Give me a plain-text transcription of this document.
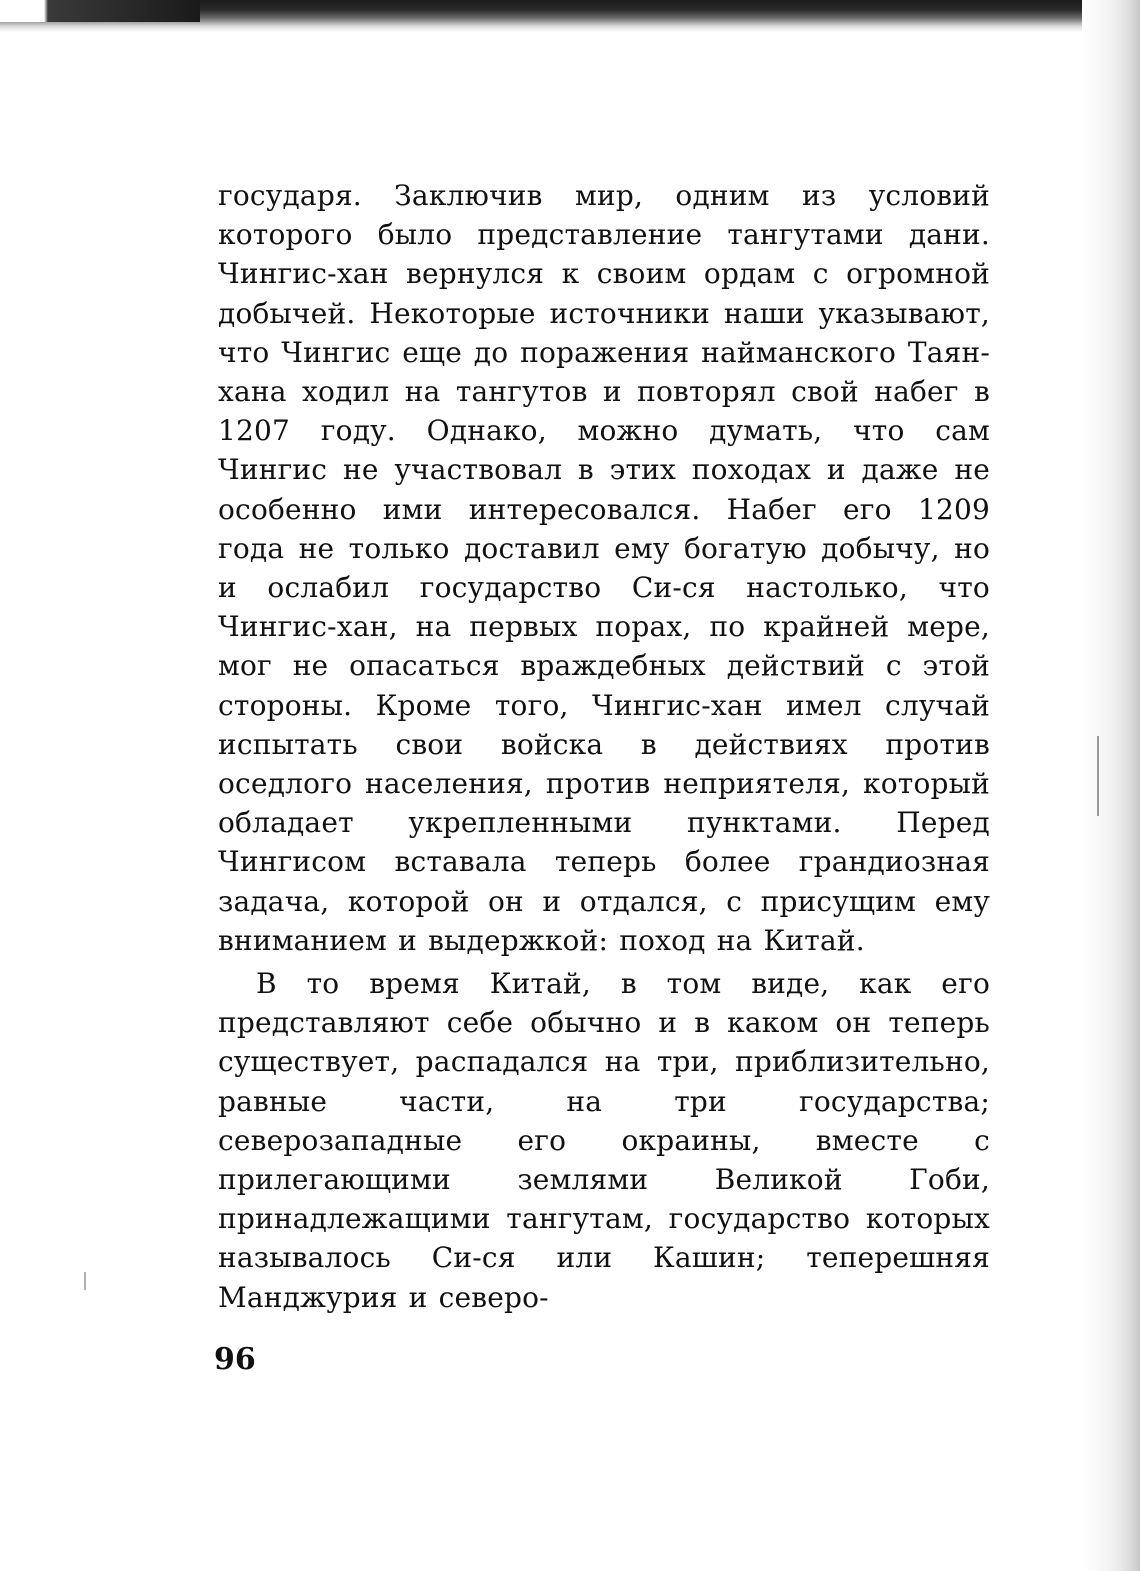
государя. Заключив мир, одним из условий которого было представление тангутами дани. Чингис-хан вернулся к своим ордам с огромной добычей. Некоторые источники наши указывают, что Чингис еще до поражения найманского Таян-хана ходил на тангутов и повторял свой набег в 1207 году. Однако, можно думать, что сам Чингис не участвовал в этих походах и даже не особенно ими интересовался. Набег его 1209 года не только доставил ему богатую добычу, но и ослабил государство Си-ся настолько, что Чингис-хан, на первых порах, по крайней мере, мог не опасаться враждебных действий с этой стороны. Кроме того, Чингис-хан имел случай испытать свои войска в действиях против оседлого населения, против неприятеля, который обладает укрепленными пунктами. Перед Чингисом вставала теперь более грандиозная задача, которой он и отдался, с присущим ему вниманием и выдержкой: поход на Китай.

В то время Китай, в том виде, как его представляют себе обычно и в каком он теперь существует, распадался на три, приблизительно, равные части, на три государства; северозападные его окраины, вместе с прилегающими землями Великой Гоби, принадлежащими тангутам, государство которых называлось Си-ся или Кашин; теперешняя Манджурия и северо-

96
